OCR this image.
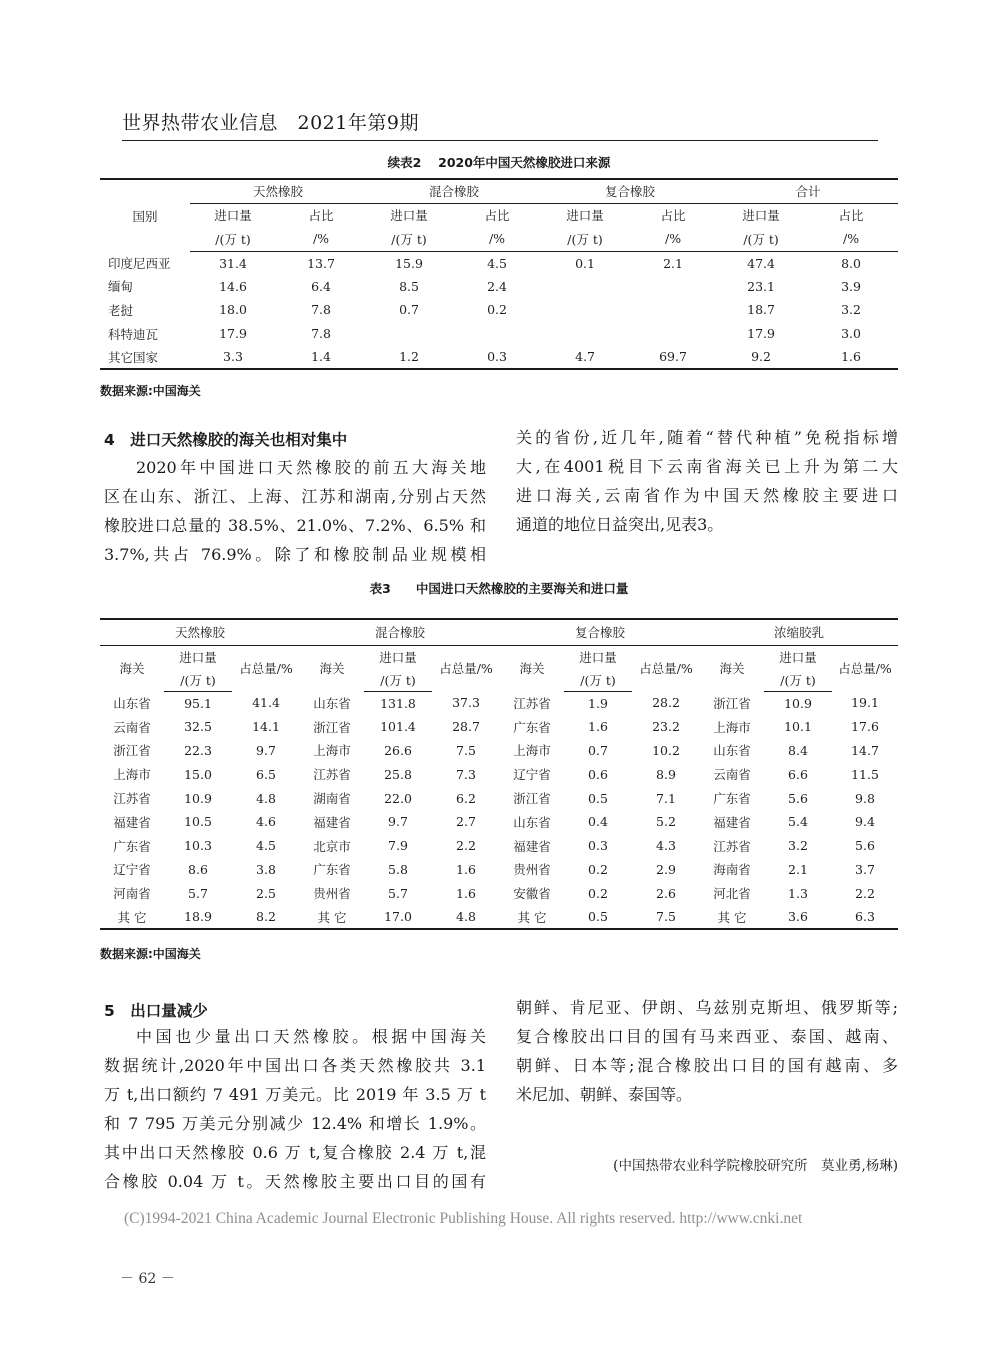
世界热带农业信息　2021年第9期
续表2　 2020年中国天然橡胶进口来源
国别	天然橡胶		混合橡胶		复合橡胶		合计	
	进口量	占比	进口量	占比	进口量	占比	进口量	占比
	/(万 t)	/%	/(万 t)	/%	/(万 t)	/%	/(万 t)	/%
印度尼西亚	31.4	13.7	15.9	4.5	0.1	2.1	47.4	8.0
缅甸	14.6	6.4	8.5	2.4			23.1	3.9
老挝	18.0	7.8	0.7	0.2			18.7	3.2
科特迪瓦	17.9	7.8					17.9	3.0
其它国家	3.3	1.4	1.2	0.3	4.7	69.7	9.2	1.6
数据来源:中国海关
4　进口天然橡胶的海关也相对集中

2020年中国进口天然橡胶的前五大海关地

区在山东、浙江、上海、江苏和湖南,分别占天然

橡胶进口总量的 38.5%、21.0%、7.2%、6.5% 和

3.7%,共占 76.9%。除了和橡胶制品业规模相

关的省份,近几年,随着“替代种植”免税指标增

大,在4001税目下云南省海关已上升为第二大

进口海关,云南省作为中国天然橡胶主要进口

通道的地位日益突出,见表3。

表3　　中国进口天然橡胶的主要海关和进口量
天然橡胶			混合橡胶			复合橡胶			浓缩胶乳		
海关	进口量	占总量/%	海关	进口量	占总量/%	海关	进口量	占总量/%	海关	进口量	占总量/%
	/(万 t)			/(万 t)			/(万 t)			/(万 t)	
山东省	95.1	41.4	山东省	131.8	37.3	江苏省	1.9	28.2	浙江省	10.9	19.1
云南省	32.5	14.1	浙江省	101.4	28.7	广东省	1.6	23.2	上海市	10.1	17.6
浙江省	22.3	9.7	上海市	26.6	7.5	上海市	0.7	10.2	山东省	8.4	14.7
上海市	15.0	6.5	江苏省	25.8	7.3	辽宁省	0.6	8.9	云南省	6.6	11.5
江苏省	10.9	4.8	湖南省	22.0	6.2	浙江省	0.5	7.1	广东省	5.6	9.8
福建省	10.5	4.6	福建省	9.7	2.7	山东省	0.4	5.2	福建省	5.4	9.4
广东省	10.3	4.5	北京市	7.9	2.2	福建省	0.3	4.3	江苏省	3.2	5.6
辽宁省	8.6	3.8	广东省	5.8	1.6	贵州省	0.2	2.9	海南省	2.1	3.7
河南省	5.7	2.5	贵州省	5.7	1.6	安徽省	0.2	2.6	河北省	1.3	2.2
其 它	18.9	8.2	其 它	17.0	4.8	其 它	0.5	7.5	其 它	3.6	6.3
数据来源:中国海关
5　出口量减少

中国也少量出口天然橡胶。根据中国海关

数据统计,2020年中国出口各类天然橡胶共 3.1

万 t,出口额约 7 491 万美元。比 2019 年 3.5 万 t

和 7 795 万美元分别减少 12.4% 和增长 1.9%。

其中出口天然橡胶 0.6 万 t,复合橡胶 2.4 万 t,混

合橡胶 0.04 万 t。天然橡胶主要出口目的国有

朝鲜、肯尼亚、伊朗、乌兹别克斯坦、俄罗斯等;

复合橡胶出口目的国有马来西亚、泰国、越南、

朝鲜、日本等;混合橡胶出口目的国有越南、多

米尼加、朝鲜、泰国等。

(中国热带农业科学院橡胶研究所　莫业勇,杨琳)
(C)1994-2021 China Academic Journal Electronic Publishing House. All rights reserved. http://www.cnki.net
－ 62 －
